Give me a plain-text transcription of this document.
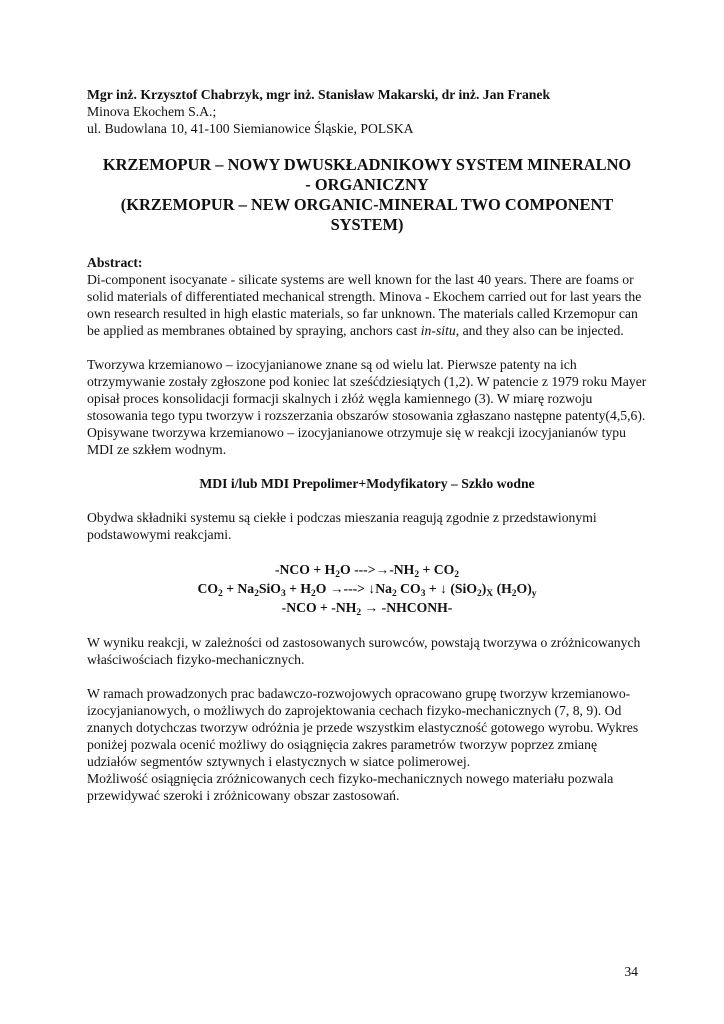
Mgr inż. Krzysztof Chabrzyk, mgr inż. Stanisław Makarski, dr inż. Jan Franek

Minova Ekochem S.A.;

ul. Budowlana 10, 41-100 Siemianowice Śląskie, POLSKA

KRZEMOPUR – NOWY DWUSKŁADNIKOWY SYSTEM MINERALNO
- ORGANICZNY
(KRZEMOPUR – NEW ORGANIC-MINERAL TWO COMPONENT
SYSTEM)

Abstract:

Di-component isocyanate - silicate systems are well known for the last 40 years. There are foams or solid materials of differentiated mechanical strength. Minova - Ekochem carried out for last years the own research resulted in high elastic materials, so far unknown. The materials called Krzemopur can be applied as membranes obtained by spraying, anchors cast in-situ, and they also can be injected.

Tworzywa krzemianowo – izocyjanianowe znane są od wielu lat. Pierwsze patenty na ich otrzymywanie zostały zgłoszone pod koniec lat sześćdziesiątych (1,2). W patencie z 1979 roku Mayer opisał proces konsolidacji formacji skalnych i złóż węgla kamiennego (3). W miarę rozwoju stosowania tego typu tworzyw i rozszerzania obszarów stosowania zgłaszano następne patenty(4,5,6).

Opisywane tworzywa krzemianowo – izocyjanianowe otrzymuje się w reakcji izocyjanianów typu MDI ze szkłem wodnym.

MDI i/lub MDI Prepolimer+Modyfikatory – Szkło wodne

Obydwa składniki systemu są ciekłe i podczas mieszania reagują zgodnie z przedstawionymi podstawowymi reakcjami.

$-NCO + H_2O$ $--->\to-NH_2 + CO_2$

$CO_2 + Na_2SiO_3 + H_2O$ →---> $↓Na_2$ $CO_3$ + ↓ $(SiO_2)_X$ $(H_2O)_y$

$-NCO + -NH_2$ → -NHCONH-

W wyniku reakcji, w zależności od zastosowanych surowców, powstają tworzywa o zróżnicowanych właściwościach fizyko-mechanicznych.

W ramach prowadzonych prac badawczo-rozwojowych opracowano grupę tworzyw krzemianowo-izocyjanianowych, o możliwych do zaprojektowania cechach fizyko-mechanicznych (7, 8, 9). Od znanych dotychczas tworzyw odróżnia je przede wszystkim elastyczność gotowego wyrobu. Wykres poniżej pozwala ocenić możliwy do osiągnięcia zakres parametrów tworzyw poprzez zmianę udziałów segmentów sztywnych i elastycznych w siatce polimerowej.

Możliwość osiągnięcia zróżnicowanych cech fizyko-mechanicznych nowego materiału pozwala przewidywać szeroki i zróżnicowany obszar zastosowań.

34
